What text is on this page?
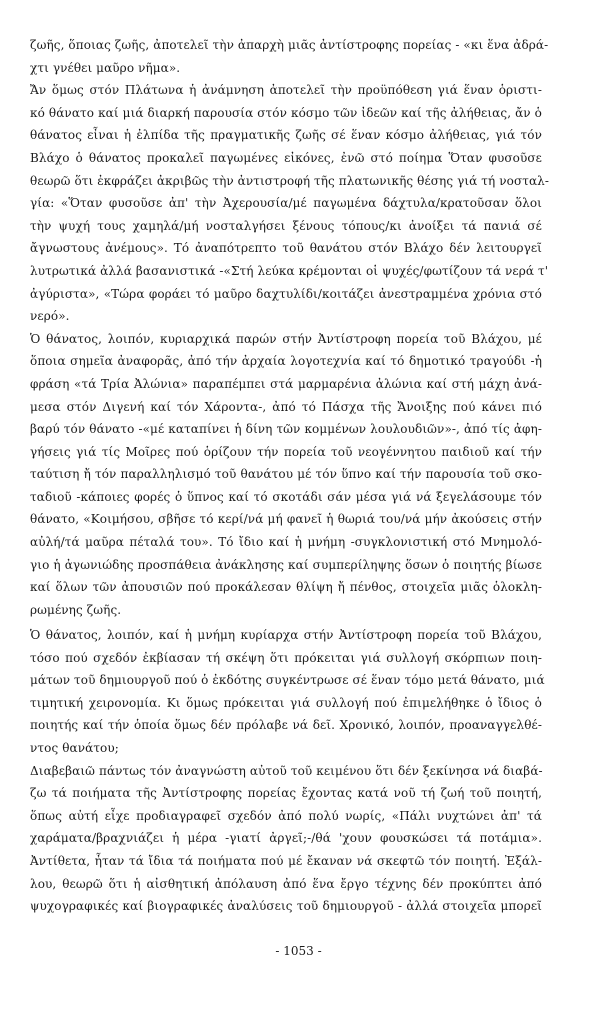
ζωῆς, ὅποιας ζωῆς, ἀποτελεῖ τὴν ἀπαρχὴ μιᾶς ἀντίστροφης πορείας - «κι ἕνα ἀδρά-
χτι γνέθει μαῦρο νῆμα».
Ἄν ὅμως στόν Πλάτωνα ἡ ἀνάμνηση ἀποτελεῖ τὴν προϋπόθεση γιά ἕναν ὁριστι-
κό θάνατο καί μιά διαρκή παρουσία στόν κόσμο τῶν ἰδεῶν καί τῆς ἀλήθειας, ἄν ὁ
θάνατος εἶναι ἡ ἐλπίδα τῆς πραγματικῆς ζωῆς σέ ἕναν κόσμο ἀλήθειας, γιά τόν
Βλάχο ὁ θάνατος προκαλεῖ παγωμένες εἰκόνες, ἐνῶ στό ποίημα Ὅταν φυσοῦσε
θεωρῶ ὅτι ἐκφράζει ἀκριβῶς τὴν ἀντιστροφή τῆς πλατωνικῆς θέσης γιά τή νοσταλ-
γία: «Ὅταν φυσοῦσε ἀπ' τὴν Ἀχερουσία/μέ παγωμένα δάχτυλα/κρατοῦσαν ὅλοι
τὴν ψυχή τους χαμηλά/μή νοσταλγήσει ξένους τόπους/κι ἀνοίξει τά πανιά σέ
ἄγνωστους ἀνέμους». Τό ἀναπότρεπτο τοῦ θανάτου στόν Βλάχο δέν λειτουργεῖ
λυτρωτικά ἀλλά βασανιστικά -«Στή λεύκα κρέμονται οἱ ψυχές/φωτίζουν τά νερά τ'
ἀγύριστα», «Τώρα φοράει τό μαῦρο δαχτυλίδι/κοιτάζει ἀνεστραμμένα χρόνια στό
νερό».
Ὁ θάνατος, λοιπόν, κυριαρχικά παρών στήν Ἀντίστροφη πορεία τοῦ Βλάχου, μέ
ὅποια σημεῖα ἀναφορᾶς, ἀπό τήν ἀρχαία λογοτεχνία καί τό δημοτικό τραγούδι -ἡ
φράση «τά Τρία Ἀλώνια» παραπέμπει στά μαρμαρένια ἀλώνια καί στή μάχη ἀνά-
μεσα στόν Διγενή καί τόν Χάροντα-, ἀπό τό Πάσχα τῆς Ἄνοιξης πού κάνει πιό
βαρύ τόν θάνατο -«μέ καταπίνει ἡ δίνη τῶν κομμένων λουλουδιῶν»-, ἀπό τίς ἀφη-
γήσεις γιά τίς Μοῖρες πού ὁρίζουν τήν πορεία τοῦ νεογέννητου παιδιοῦ καί τήν
ταύτιση ἤ τόν παραλληλισμό τοῦ θανάτου μέ τόν ὕπνο καί τήν παρουσία τοῦ σκο-
ταδιοῦ -κάποιες φορές ὁ ὕπνος καί τό σκοτάδι σάν μέσα γιά νά ξεγελάσουμε τόν
θάνατο, «Κοιμήσου, σβῆσε τό κερί/νά μή φανεῖ ἡ θωριά του/νά μήν ἀκούσεις στήν
αὐλή/τά μαῦρα πέταλά του». Τό ἴδιο καί ἡ μνήμη -συγκλονιστική στό Μνημολό-
γιο ἡ ἀγωνιώδης προσπάθεια ἀνάκλησης καί συμπερίληψης ὅσων ὁ ποιητής βίωσε
καί ὅλων τῶν ἀπουσιῶν πού προκάλεσαν θλίψη ἤ πένθος, στοιχεῖα μιᾶς ὁλοκλη-
ρωμένης ζωῆς.
Ὁ θάνατος, λοιπόν, καί ἡ μνήμη κυρίαρχα στήν Ἀντίστροφη πορεία τοῦ Βλάχου,
τόσο πού σχεδόν ἐκβίασαν τή σκέψη ὅτι πρόκειται γιά συλλογή σκόρπιων ποιη-
μάτων τοῦ δημιουργοῦ πού ὁ ἐκδότης συγκέντρωσε σέ ἕναν τόμο μετά θάνατο, μιά
τιμητική χειρονομία. Κι ὅμως πρόκειται γιά συλλογή πού ἐπιμελήθηκε ὁ ἴδιος ὁ
ποιητής καί τήν ὁποία ὅμως δέν πρόλαβε νά δεῖ. Χρονικό, λοιπόν, προαναγγελθέ-
ντος θανάτου;
Διαβεβαιῶ πάντως τόν ἀναγνώστη αὐτοῦ τοῦ κειμένου ὅτι δέν ξεκίνησα νά διαβά-
ζω τά ποιήματα τῆς Ἀντίστροφης πορείας ἔχοντας κατά νοῦ τή ζωή τοῦ ποιητή,
ὅπως αὐτή εἶχε προδιαγραφεῖ σχεδόν ἀπό πολύ νωρίς, «Πάλι νυχτώνει ἀπ' τά
χαράματα/βραχνιάζει ἡ μέρα -γιατί ἀργεῖ;-/θά 'χουν φουσκώσει τά ποτάμια».
Ἀντίθετα, ἦταν τά ἴδια τά ποιήματα πού μέ ἔκαναν νά σκεφτῶ τόν ποιητή. Ἐξάλ-
λου, θεωρῶ ὅτι ἡ αἰσθητική ἀπόλαυση ἀπό ἕνα ἔργο τέχνης δέν προκύπτει ἀπό
ψυχογραφικές καί βιογραφικές ἀναλύσεις τοῦ δημιουργοῦ - ἀλλά στοιχεῖα μπορεῖ
- 1053 -
